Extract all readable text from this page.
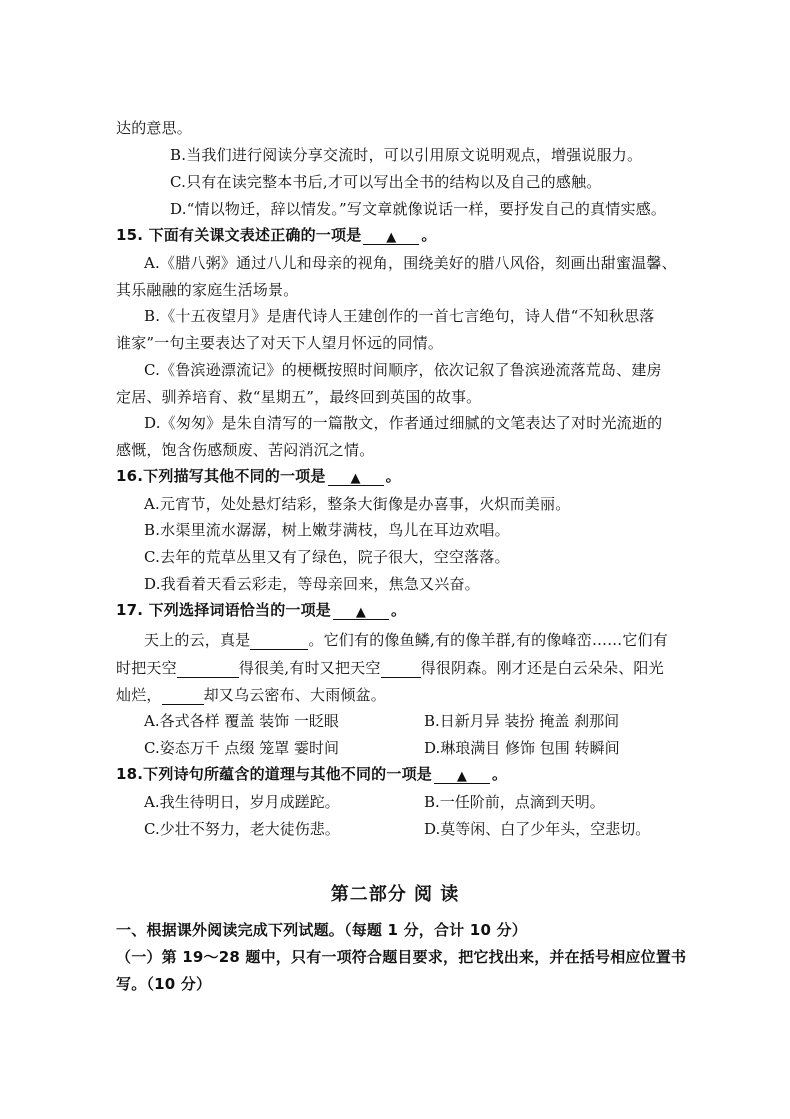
达的意思。
B.当我们进行阅读分享交流时，可以引用原文说明观点，增强说服力。
C.只有在读完整本书后,才可以写出全书的结构以及自己的感触。
D.“情以物迁，辞以情发。”写文章就像说话一样，要抒发自己的真情实感。
15. 下面有关课文表述正确的一项是 ▲ 。
A.《腊八粥》通过八儿和母亲的视角，围绕美好的腊八风俗，刻画出甜蜜温馨、
其乐融融的家庭生活场景。
B.《十五夜望月》是唐代诗人王建创作的一首七言绝句，诗人借“不知秋思落
谁家”一句主要表达了对天下人望月怀远的同情。
C.《鲁滨逊漂流记》的梗概按照时间顺序，依次记叙了鲁滨逊流落荒岛、建房
定居、驯养培育、救“星期五”，最终回到英国的故事。
D.《匆匆》是朱自清写的一篇散文，作者通过细腻的文笔表达了对时光流逝的
感慨，饱含伤感颓废、苦闷消沉之情。
16.下列描写其他不同的一项是 ▲ 。
A.元宵节，处处悬灯结彩，整条大街像是办喜事，火炽而美丽。
B.水渠里流水潺潺，树上嫩芽满枝，鸟儿在耳边欢唱。
C.去年的荒草丛里又有了绿色，院子很大，空空落落。
D.我看着天看云彩走，等母亲回来，焦急又兴奋。
17. 下列选择词语恰当的一项是 ▲ 。
天上的云，真是	。它们有的像鱼鳞,有的像羊群,有的像峰峦……它们有
时把天空	得很美,有时又把天空	得很阴森。刚才还是白云朵朵、阳光
灿烂，	却又乌云密布、大雨倾盆。
A.各式各样 覆盖 装饰 一眨眼	B.日新月异 装扮 掩盖 刹那间
C.姿态万千 点缀 笼罩 霎时间	D.琳琅满目 修饰 包围 转瞬间
18.下列诗句所蕴含的道理与其他不同的一项是 ▲ 。
A.我生待明日，岁月成蹉跎。	B.一任阶前，点滴到天明。
C.少壮不努力，老大徒伤悲。	D.莫等闲、白了少年头，空悲切。
第二部分 阅 读
一、根据课外阅读完成下列试题。（每题 1 分，合计 10 分）
（一）第 19～28 题中，只有一项符合题目要求，把它找出来，并在括号相应位置书
写。（10 分）
